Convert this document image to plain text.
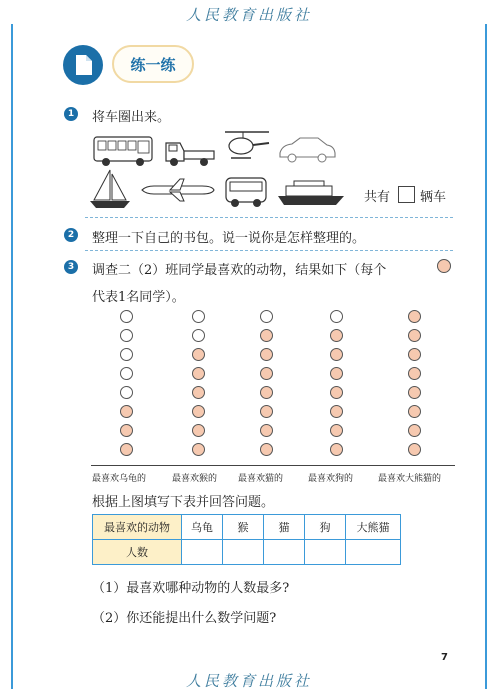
人民教育出版社
练一练
1 将车圈出来。
共有 辆车
2 整理一下自己的书包。说一说你是怎样整理的。
3 调查二（2）班同学最喜欢的动物，结果如下（每个
代表1名同学）。
最喜欢乌龟的	最喜欢猴的 最喜欢猫的	最喜欢狗的	最喜欢大熊猫的
根据上图填写下表并回答问题。
最喜欢的动物	乌龟	猴	猫	狗	大熊猫
人数					
（1）最喜欢哪种动物的人数最多?
（2）你还能提出什么数学问题?
7
人民教育出版社
